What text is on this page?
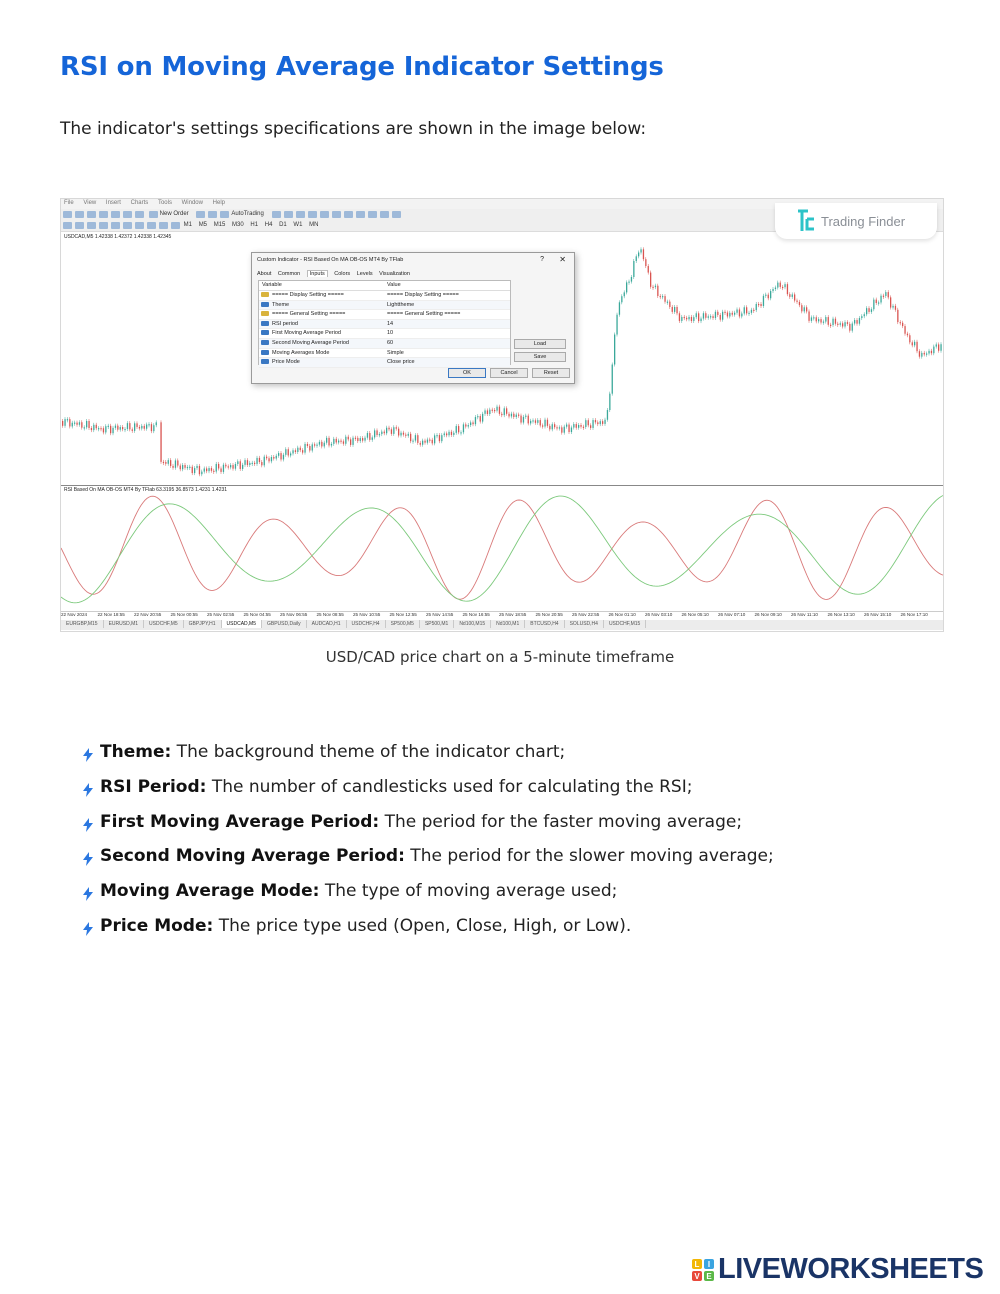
RSI on Moving Average Indicator Settings
The indicator's settings specifications are shown in the image below:
File View Insert Charts Tools Window Help
New Order	AutoTrading
M1 M5 M15 M30 H1 H4 D1 W1 MN	Trading Finder
USDCAD,M5 1.42338 1.42372 1.42338 1.42345
RSI Based On MA OB-OS MT4 By TFlab 63.3195 36.8573 1.4231 1.4231
Custom Indicator - RSI Based On MA OB-OS MT4 By TFlab	? ✕
About Common Inputs Colors Levels Visualization
Variable	Value
===== Display Setting =====	===== Display Setting =====
Theme	Lighttheme
===== General Setting =====	===== General Setting =====
RSI period	14
First Moving Average Period	10
Second Moving Average Period	60
Moving Averages Mode	Simple
Price Mode	Close price
Load
Save
OK	Cancel	Reset
22 Nov 2024 22 Nov 18:55 22 Nov 20:55 25 Nov 00:55 25 Nov 02:55 25 Nov 04:55 25 Nov 06:55 25 Nov 08:55 25 Nov 10:55 25 Nov 12:55 25 Nov 14:55 25 Nov 16:55 25 Nov 18:55 25 Nov 20:55 25 Nov 22:55 26 Nov 01:10 26 Nov 03:10 26 Nov 05:10 26 Nov 07:10 26 Nov 09:10 26 Nov 11:10 26 Nov 13:10 26 Nov 15:10 26 Nov 17:10
EURGBP,M15 EURUSD,M1 USDCHF,M5 GBPJPY,H1 USDCAD,M5 GBPUSD,Daily AUDCAD,H1 USDCHF,H4 SP500,M5 SP500,M1 Nd100,M15 Nd100,M1 BTCUSD,H4 SOLUSD,H4 USDCHF,M15
USD/CAD price chart on a 5-minute timeframe
Theme: The background theme of the indicator chart;
RSI Period: The number of candlesticks used for calculating the RSI;
First Moving Average Period: The period for the faster moving average;
Second Moving Average Period: The period for the slower moving average;
Moving Average Mode: The type of moving average used;
Price Mode: The price type used (Open, Close, High, or Low).
L I
V E LIVEWORKSHEETS
